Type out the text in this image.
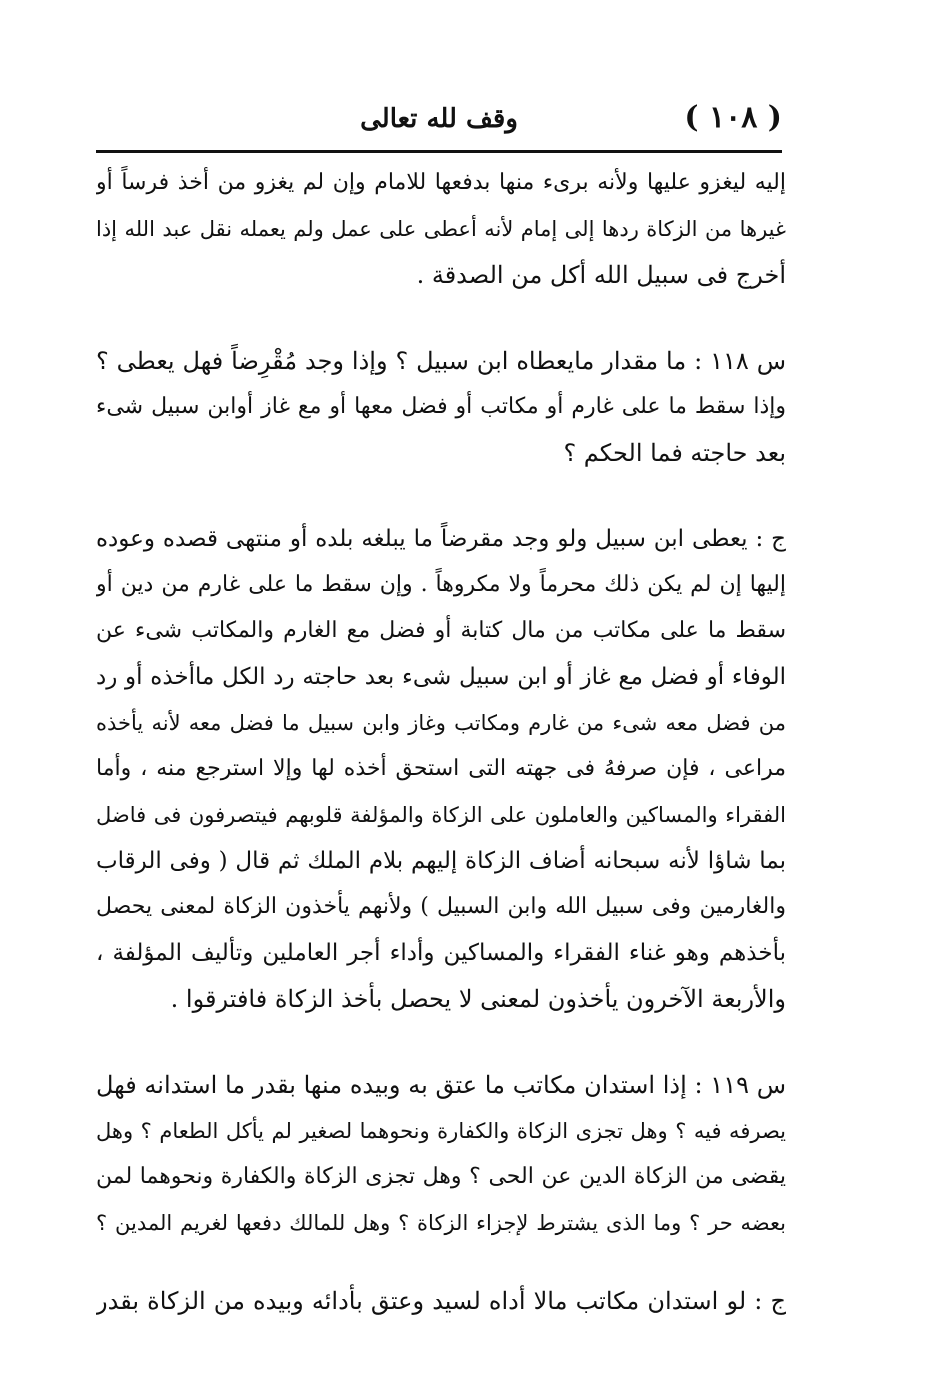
( ١٠٨ )
وقف لله تعالى
إليه ليغزو عليها ولأنه برىء منها بدفعها للامام وإن لم يغزو من أخذ فرساً أو
غيرها من الزكاة ردها إلى إمام لأنه أعطى على عمل ولم يعمله نقل عبد الله إذا
أخرج فى سبيل الله أكل من الصدقة .
س ١١٨ : ما مقدار مايعطاه ابن سبيل ؟ وإذا وجد مُقْرِضاً فهل يعطى ؟
وإذا سقط ما على غارم أو مكاتب أو فضل معها أو مع غاز أوابن سبيل شىء
بعد حاجته فما الحكم ؟
ج : يعطى ابن سبيل ولو وجد مقرضاً ما يبلغه بلده أو منتهى قصده وعوده
إليها إن لم يكن ذلك محرماً ولا مكروهاً . وإن سقط ما على غارم من دين أو
سقط ما على مكاتب من مال كتابة أو فضل مع الغارم والمكاتب شىء عن
الوفاء أو فضل مع غاز أو ابن سبيل شىء بعد حاجته رد الكل ماأخذه أو رد
من فضل معه شىء من غارم ومكاتب وغاز وابن سبيل ما فضل معه لأنه يأخذه
مراعى ، فإن صرفهُ فى جهته التى استحق أخذه لها وإلا استرجع منه ، وأما
الفقراء والمساكين والعاملون على الزكاة والمؤلفة قلوبهم فيتصرفون فى فاضل
بما شاؤا لأنه سبحانه أضاف الزكاة إليهم بلام الملك ثم قال ( وفى الرقاب
والغارمين وفى سبيل الله وابن السبيل ) ولأنهم يأخذون الزكاة لمعنى يحصل
بأخذهم وهو غناء الفقراء والمساكين وأداء أجر العاملين وتأليف المؤلفة ،
والأربعة الآخرون يأخذون لمعنى لا يحصل بأخذ الزكاة فافترقوا .
س ١١٩ : إذا استدان مكاتب ما عتق به وبيده منها بقدر ما استدانه فهل
يصرفه فيه ؟ وهل تجزى الزكاة والكفارة ونحوهما لصغير لم يأكل الطعام ؟ وهل
يقضى من الزكاة الدين عن الحى ؟ وهل تجزى الزكاة والكفارة ونحوهما لمن
بعضه حر ؟ وما الذى يشترط لإجزاء الزكاة ؟ وهل للمالك دفعها لغريم المدين ؟
ج : لو استدان مكاتب مالا أداه لسيد وعتق بأدائه وبيده من الزكاة بقدر
